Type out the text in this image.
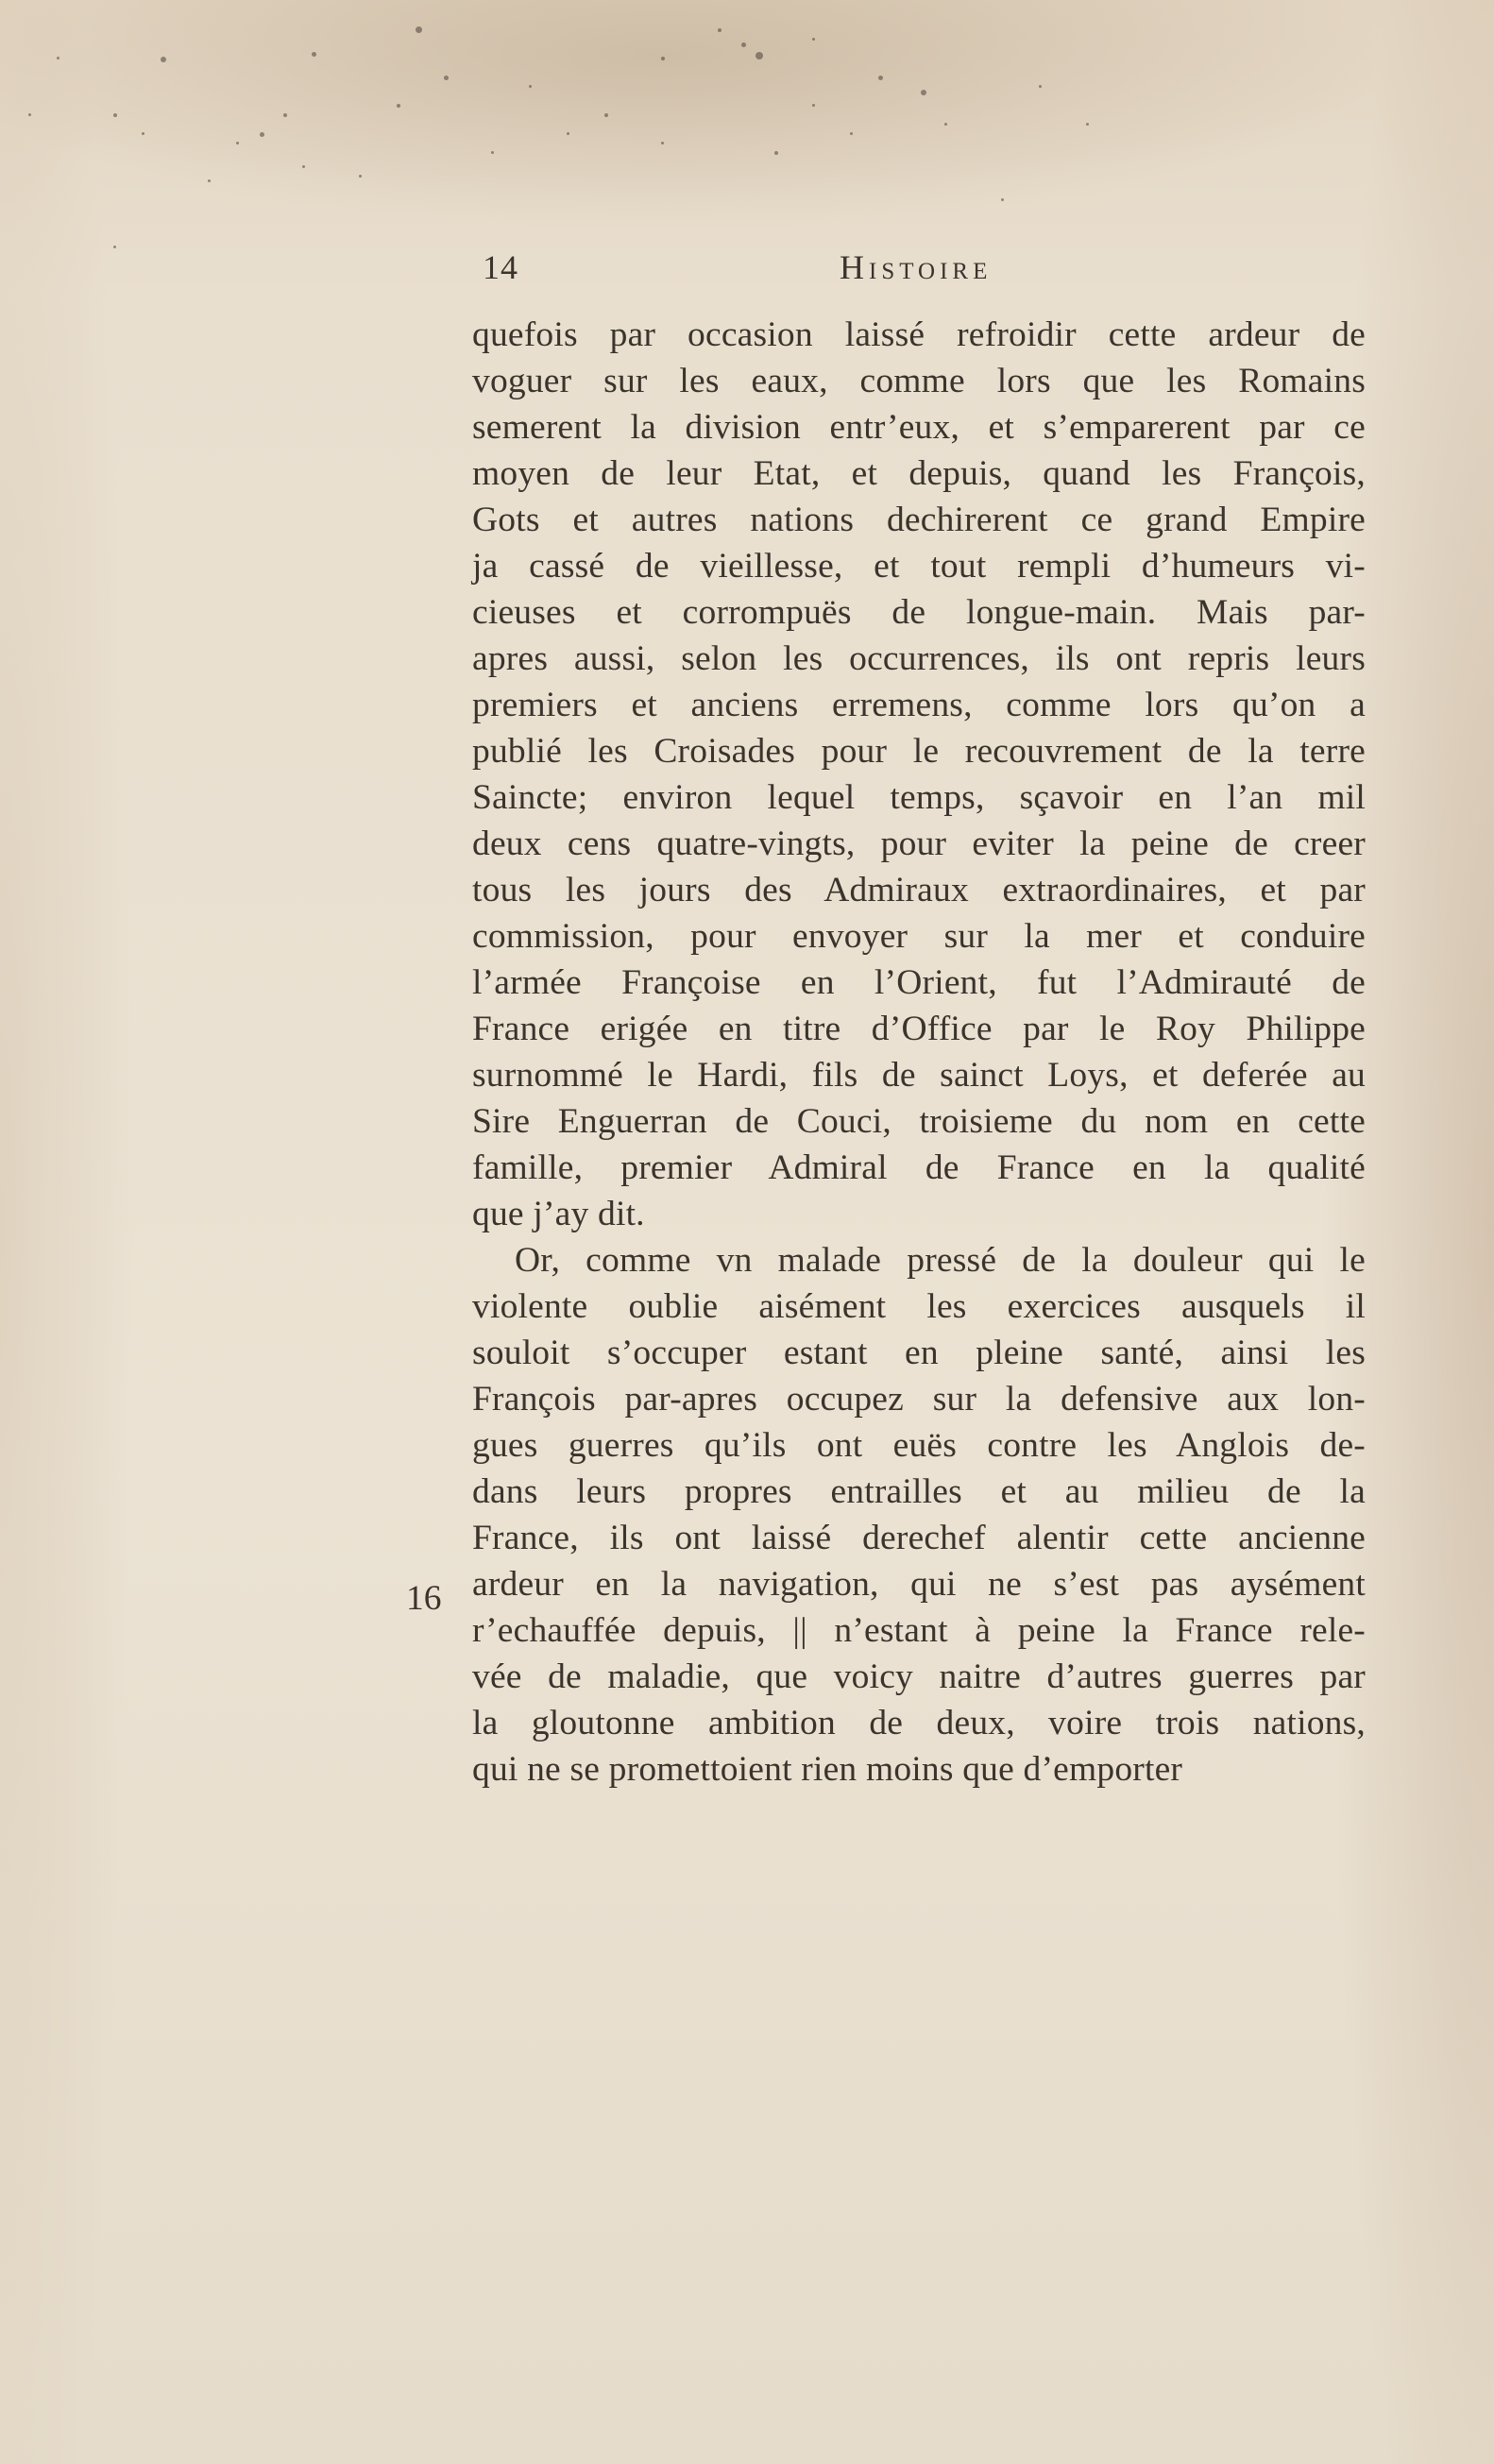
14	Histoire
quefois par occasion laissé refroidir cette ardeur de
voguer sur les eaux, comme lors que les Romains
semerent la division entr’eux, et s’emparerent par ce
moyen de leur Etat, et depuis, quand les François,
Gots et autres nations dechirerent ce grand Empire
ja cassé de vieillesse, et tout rempli d’humeurs vi-
cieuses et corrompuës de longue-main. Mais par-
apres aussi, selon les occurrences, ils ont repris leurs
premiers et anciens erremens, comme lors qu’on a
publié les Croisades pour le recouvrement de la terre
Saincte; environ lequel temps, sçavoir en l’an mil
deux cens quatre-vingts, pour eviter la peine de creer
tous les jours des Admiraux extraordinaires, et par
commission, pour envoyer sur la mer et conduire
l’armée Françoise en l’Orient, fut l’Admirauté de
France erigée en titre d’Office par le Roy Philippe
surnommé le Hardi, fils de sainct Loys, et deferée au
Sire Enguerran de Couci, troisieme du nom en cette
famille, premier Admiral de France en la qualité
que j’ay dit.
Or, comme vn malade pressé de la douleur qui le
violente oublie aisément les exercices ausquels il
souloit s’occuper estant en pleine santé, ainsi les
François par-apres occupez sur la defensive aux lon-
gues guerres qu’ils ont euës contre les Anglois de-
dans leurs propres entrailles et au milieu de la
France, ils ont laissé derechef alentir cette ancienne
ardeur en la navigation, qui ne s’est pas aysément
r’echauffée depuis, || n’estant à peine la France rele-
vée de maladie, que voicy naitre d’autres guerres par
la gloutonne ambition de deux, voire trois nations,
qui ne se promettoient rien moins que d’emporter
16
